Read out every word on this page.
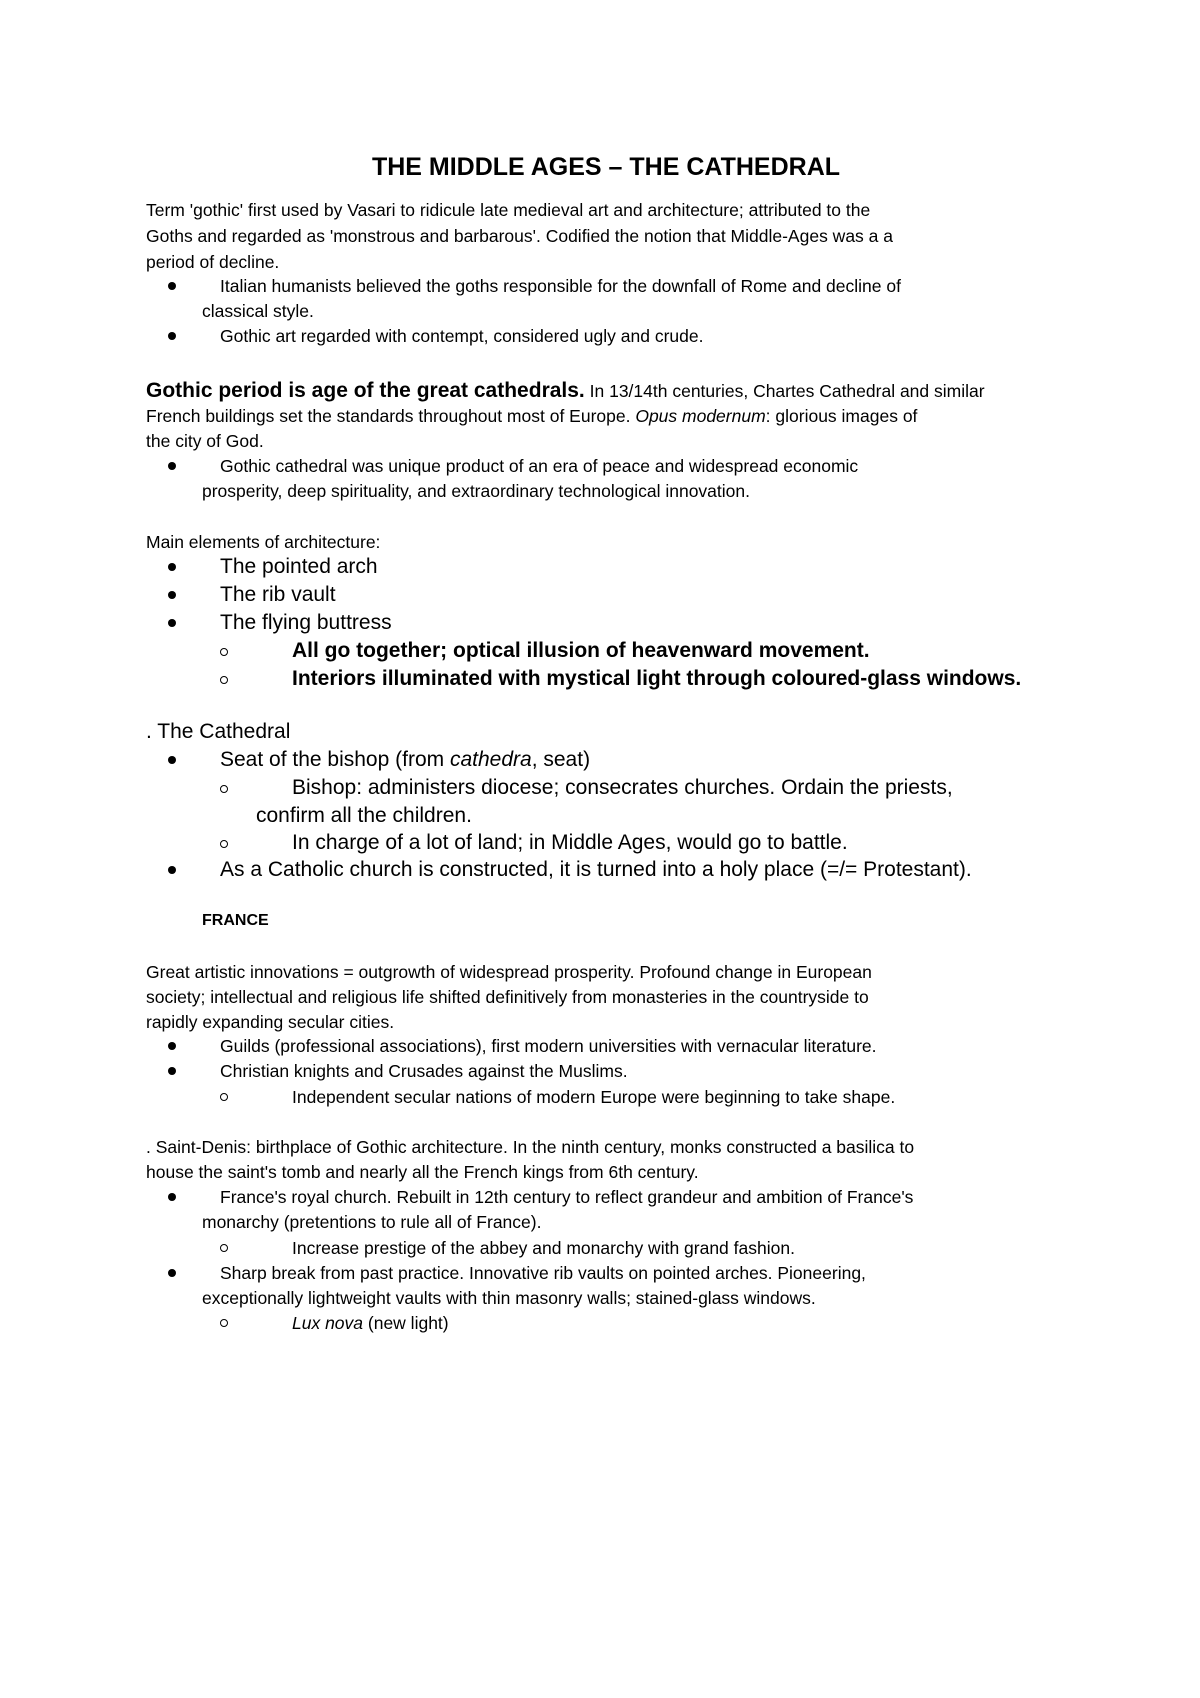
THE MIDDLE AGES – THE CATHEDRAL
Term 'gothic' first used by Vasari to ridicule late medieval art and architecture; attributed to the
Goths and regarded as 'monstrous and barbarous'. Codified the notion that Middle-Ages was a a
period of decline.
Italian humanists believed the goths responsible for the downfall of Rome and decline of
classical style.
Gothic art regarded with contempt, considered ugly and crude.
Gothic period is age of the great cathedrals. In 13/14th centuries, Chartes Cathedral and similar
French buildings set the standards throughout most of Europe. Opus modernum: glorious images of
the city of God.
Gothic cathedral was unique product of an era of peace and widespread economic
prosperity, deep spirituality, and extraordinary technological innovation.
Main elements of architecture:
The pointed arch
The rib vault
The flying buttress
All go together; optical illusion of heavenward movement.
Interiors illuminated with mystical light through coloured-glass windows.
. The Cathedral
Seat of the bishop (from cathedra, seat)
Bishop: administers diocese; consecrates churches. Ordain the priests,
confirm all the children.
In charge of a lot of land; in Middle Ages, would go to battle.
As a Catholic church is constructed, it is turned into a holy place (=/= Protestant).
FRANCE
Great artistic innovations = outgrowth of widespread prosperity. Profound change in European
society; intellectual and religious life shifted definitively from monasteries in the countryside to
rapidly expanding secular cities.
Guilds (professional associations), first modern universities with vernacular literature.
Christian knights and Crusades against the Muslims.
Independent secular nations of modern Europe were beginning to take shape.
. Saint-Denis: birthplace of Gothic architecture. In the ninth century, monks constructed a basilica to
house the saint's tomb and nearly all the French kings from 6th century.
France's royal church. Rebuilt in 12th century to reflect grandeur and ambition of France's
monarchy (pretentions to rule all of France).
Increase prestige of the abbey and monarchy with grand fashion.
Sharp break from past practice. Innovative rib vaults on pointed arches. Pioneering,
exceptionally lightweight vaults with thin masonry walls; stained-glass windows.
Lux nova (new light)
